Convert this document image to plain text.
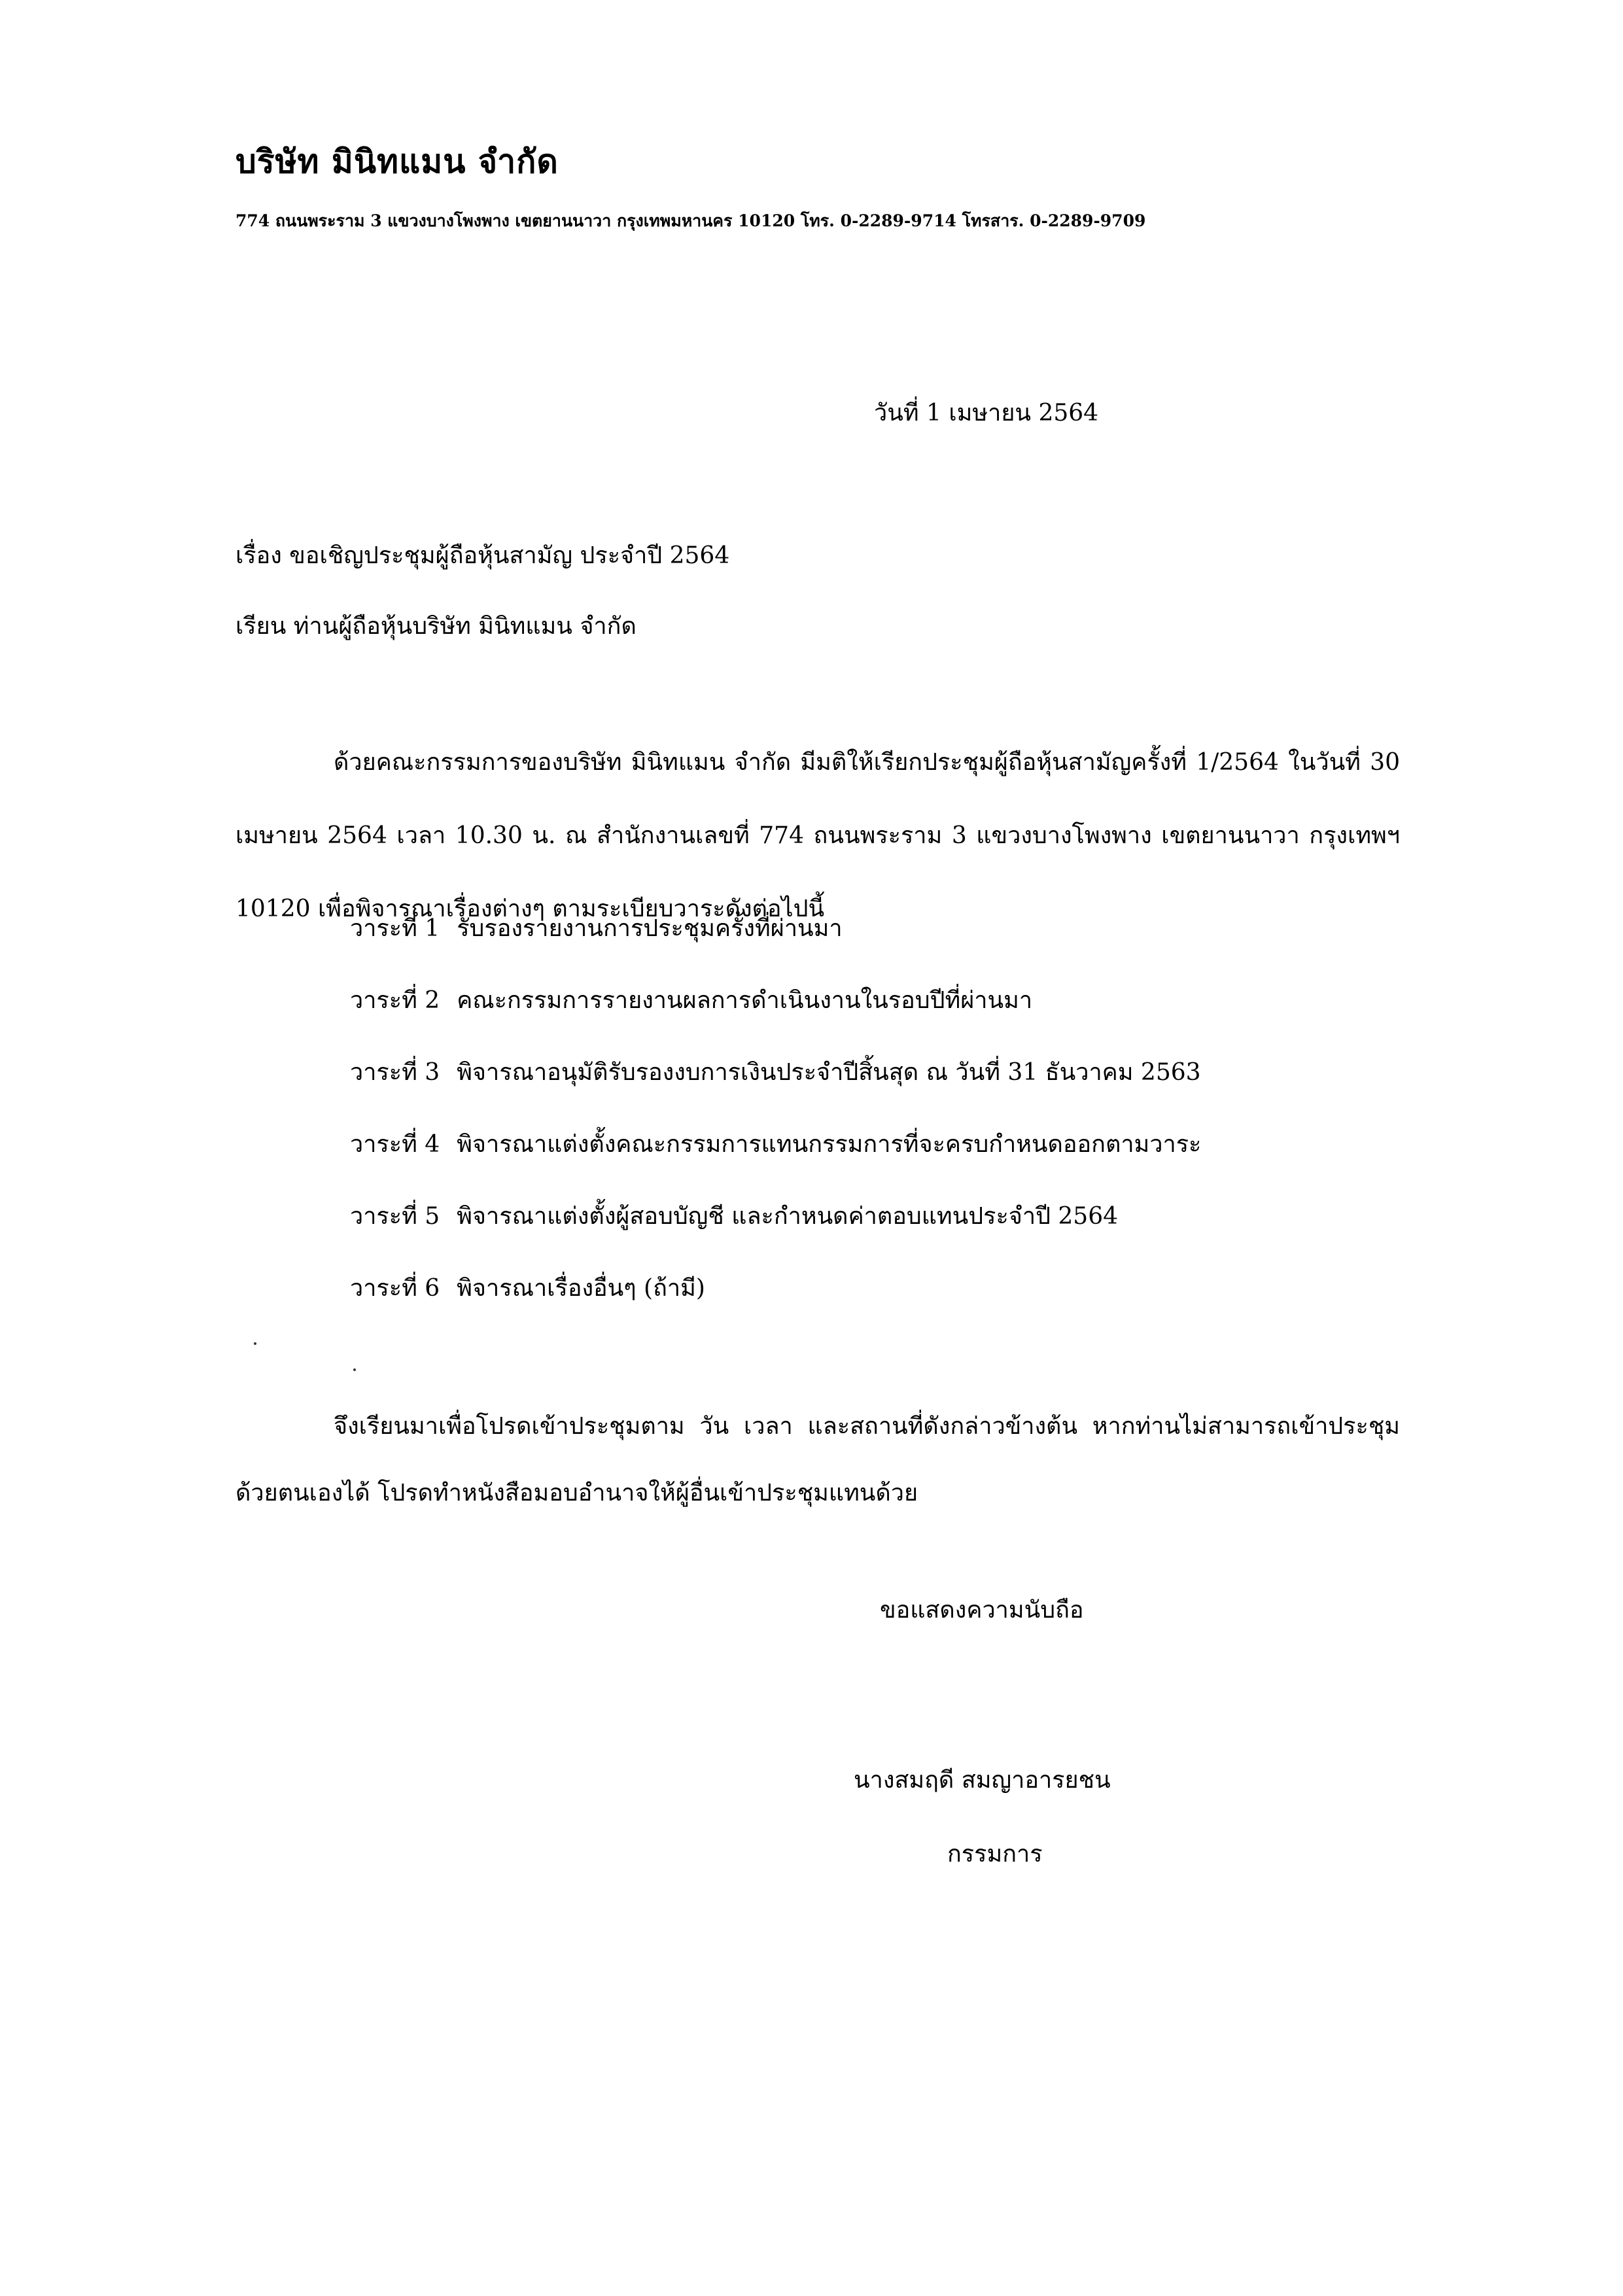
บริษัท มินิทแมน จำกัด
774 ถนนพระราม 3 แขวงบางโพงพาง เขตยานนาวา กรุงเทพมหานคร 10120 โทร. 0-2289-9714 โทรสาร. 0-2289-9709
วันที่ 1 เมษายน 2564
เรื่อง ขอเชิญประชุมผู้ถือหุ้นสามัญ ประจำปี 2564
เรียน ท่านผู้ถือหุ้นบริษัท มินิทแมน จำกัด
ด้วยคณะกรรมการของบริษัท มินิทแมน จำกัด มีมติให้เรียกประชุมผู้ถือหุ้นสามัญครั้งที่ 1/2564 ในวันที่ 30 เมษายน 2564 เวลา 10.30 น. ณ สำนักงานเลขที่ 774 ถนนพระราม 3 แขวงบางโพงพาง เขตยานนาวา กรุงเทพฯ 10120 เพื่อพิจารณาเรื่องต่างๆ ตามระเบียบวาระดังต่อไปนี้
วาระที่ 1 รับรองรายงานการประชุมครั้งที่ผ่านมา
วาระที่ 2 คณะกรรมการรายงานผลการดำเนินงานในรอบปีที่ผ่านมา
วาระที่ 3 พิจารณาอนุมัติรับรองงบการเงินประจำปีสิ้นสุด ณ วันที่ 31 ธันวาคม 2563
วาระที่ 4 พิจารณาแต่งตั้งคณะกรรมการแทนกรรมการที่จะครบกำหนดออกตามวาระ
วาระที่ 5 พิจารณาแต่งตั้งผู้สอบบัญชี และกำหนดค่าตอบแทนประจำปี 2564
วาระที่ 6 พิจารณาเรื่องอื่นๆ (ถ้ามี)
จึงเรียนมาเพื่อโปรดเข้าประชุมตาม วัน เวลา และสถานที่ดังกล่าวข้างต้น หากท่านไม่สามารถเข้าประชุมด้วยตนเองได้ โปรดทำหนังสือมอบอำนาจให้ผู้อื่นเข้าประชุมแทนด้วย
ขอแสดงความนับถือ
นางสมฤดี สมญาอารยชน
กรรมการ
